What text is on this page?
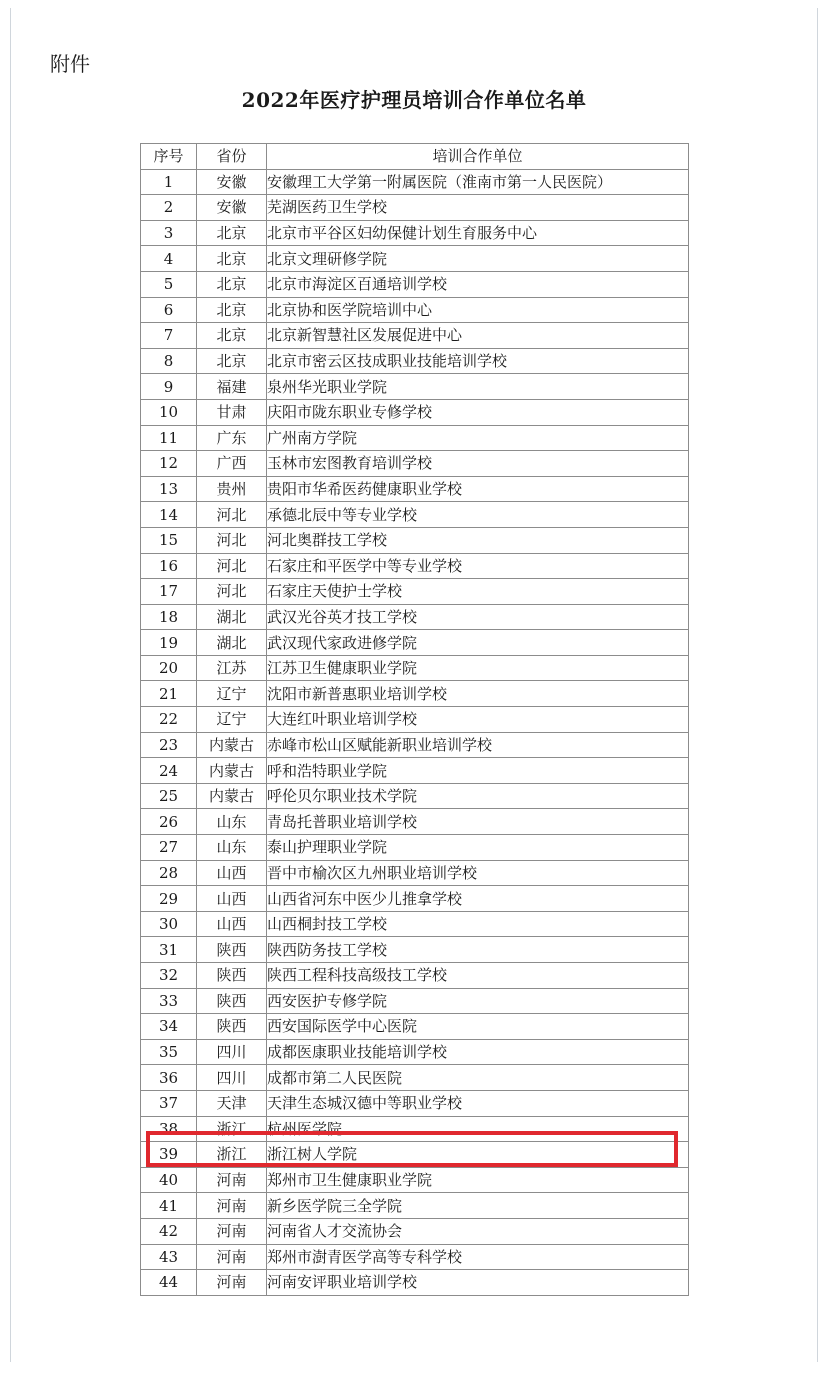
附件
2022年医疗护理员培训合作单位名单
序号	省份	培训合作单位
1	安徽	安徽理工大学第一附属医院（淮南市第一人民医院）
2	安徽	芜湖医药卫生学校
3	北京	北京市平谷区妇幼保健计划生育服务中心
4	北京	北京文理研修学院
5	北京	北京市海淀区百通培训学校
6	北京	北京协和医学院培训中心
7	北京	北京新智慧社区发展促进中心
8	北京	北京市密云区技成职业技能培训学校
9	福建	泉州华光职业学院
10	甘肃	庆阳市陇东职业专修学校
11	广东	广州南方学院
12	广西	玉林市宏图教育培训学校
13	贵州	贵阳市华希医药健康职业学校
14	河北	承德北辰中等专业学校
15	河北	河北奥群技工学校
16	河北	石家庄和平医学中等专业学校
17	河北	石家庄天使护士学校
18	湖北	武汉光谷英才技工学校
19	湖北	武汉现代家政进修学院
20	江苏	江苏卫生健康职业学院
21	辽宁	沈阳市新普惠职业培训学校
22	辽宁	大连红叶职业培训学校
23	内蒙古	赤峰市松山区赋能新职业培训学校
24	内蒙古	呼和浩特职业学院
25	内蒙古	呼伦贝尔职业技术学院
26	山东	青岛托普职业培训学校
27	山东	泰山护理职业学院
28	山西	晋中市榆次区九州职业培训学校
29	山西	山西省河东中医少儿推拿学校
30	山西	山西桐封技工学校
31	陕西	陕西防务技工学校
32	陕西	陕西工程科技高级技工学校
33	陕西	西安医护专修学院
34	陕西	西安国际医学中心医院
35	四川	成都医康职业技能培训学校
36	四川	成都市第二人民医院
37	天津	天津生态城汉德中等职业学校
38	浙江	杭州医学院
39	浙江	浙江树人学院
40	河南	郑州市卫生健康职业学院
41	河南	新乡医学院三全学院
42	河南	河南省人才交流协会
43	河南	郑州市澍青医学高等专科学校
44	河南	河南安评职业培训学校
